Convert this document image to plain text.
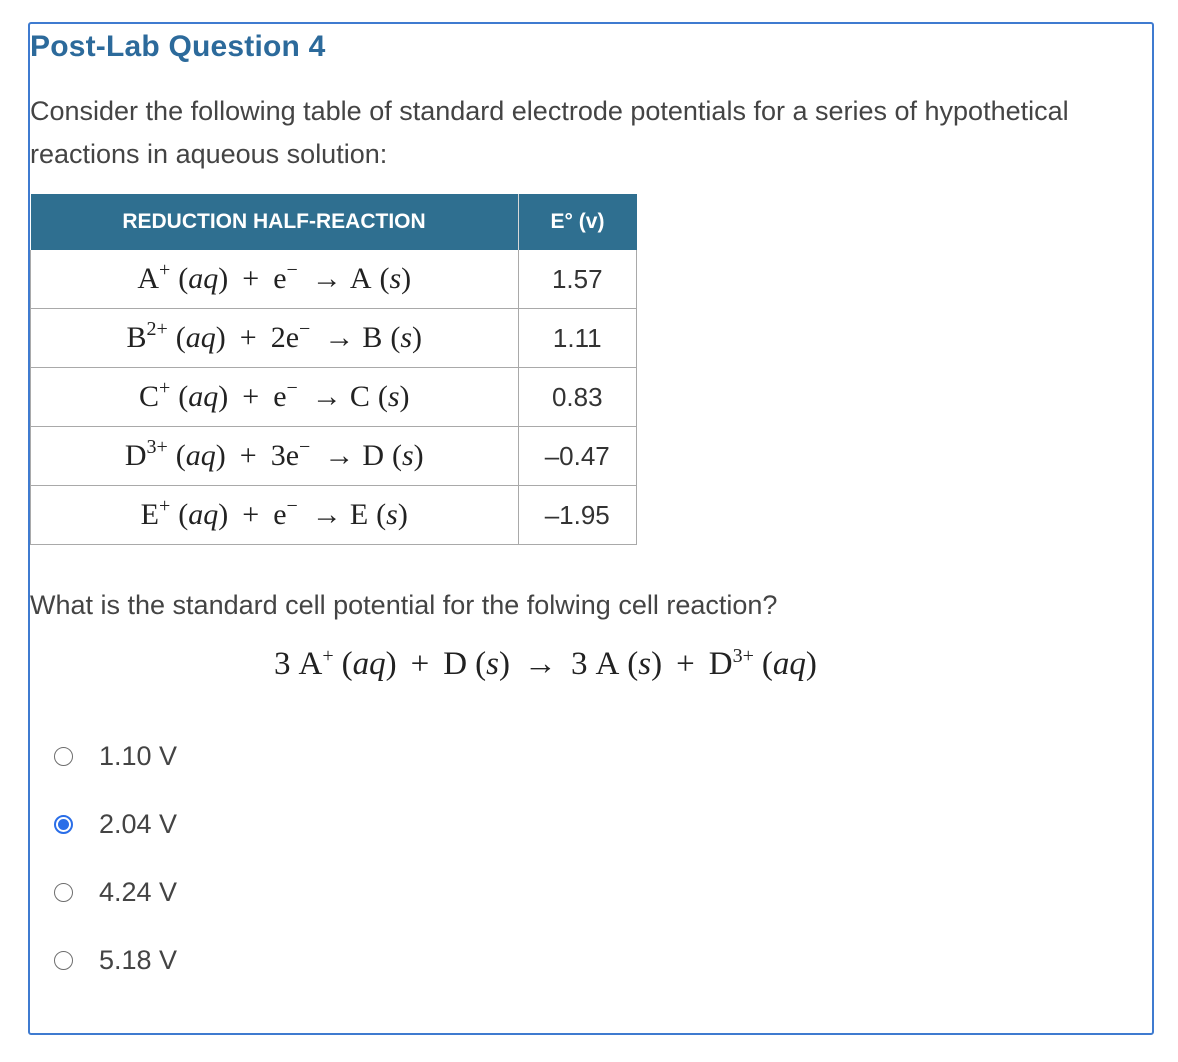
Post-Lab Question 4

Consider the following table of standard electrode potentials for a series of hypothetical reactions in aqueous solution:

REDUCTION HALF-REACTION	E° (v)
A+ (aq) + e− → A (s)	1.57
$B^{2+}$ (aq) + 2e− → B (s)	1.11
C+ (aq) + e− → C (s)	0.83
$D^{3+}$ (aq) + 3e− → D (s)	–0.47
E+ (aq) + e− → E (s)	–1.95

What is the standard cell potential for the folwing cell reaction?

3 A+ (aq) + D (s) → 3 A $(s) + D^{3+}$ (aq)
1.10 V
2.04 V
4.24 V
5.18 V
